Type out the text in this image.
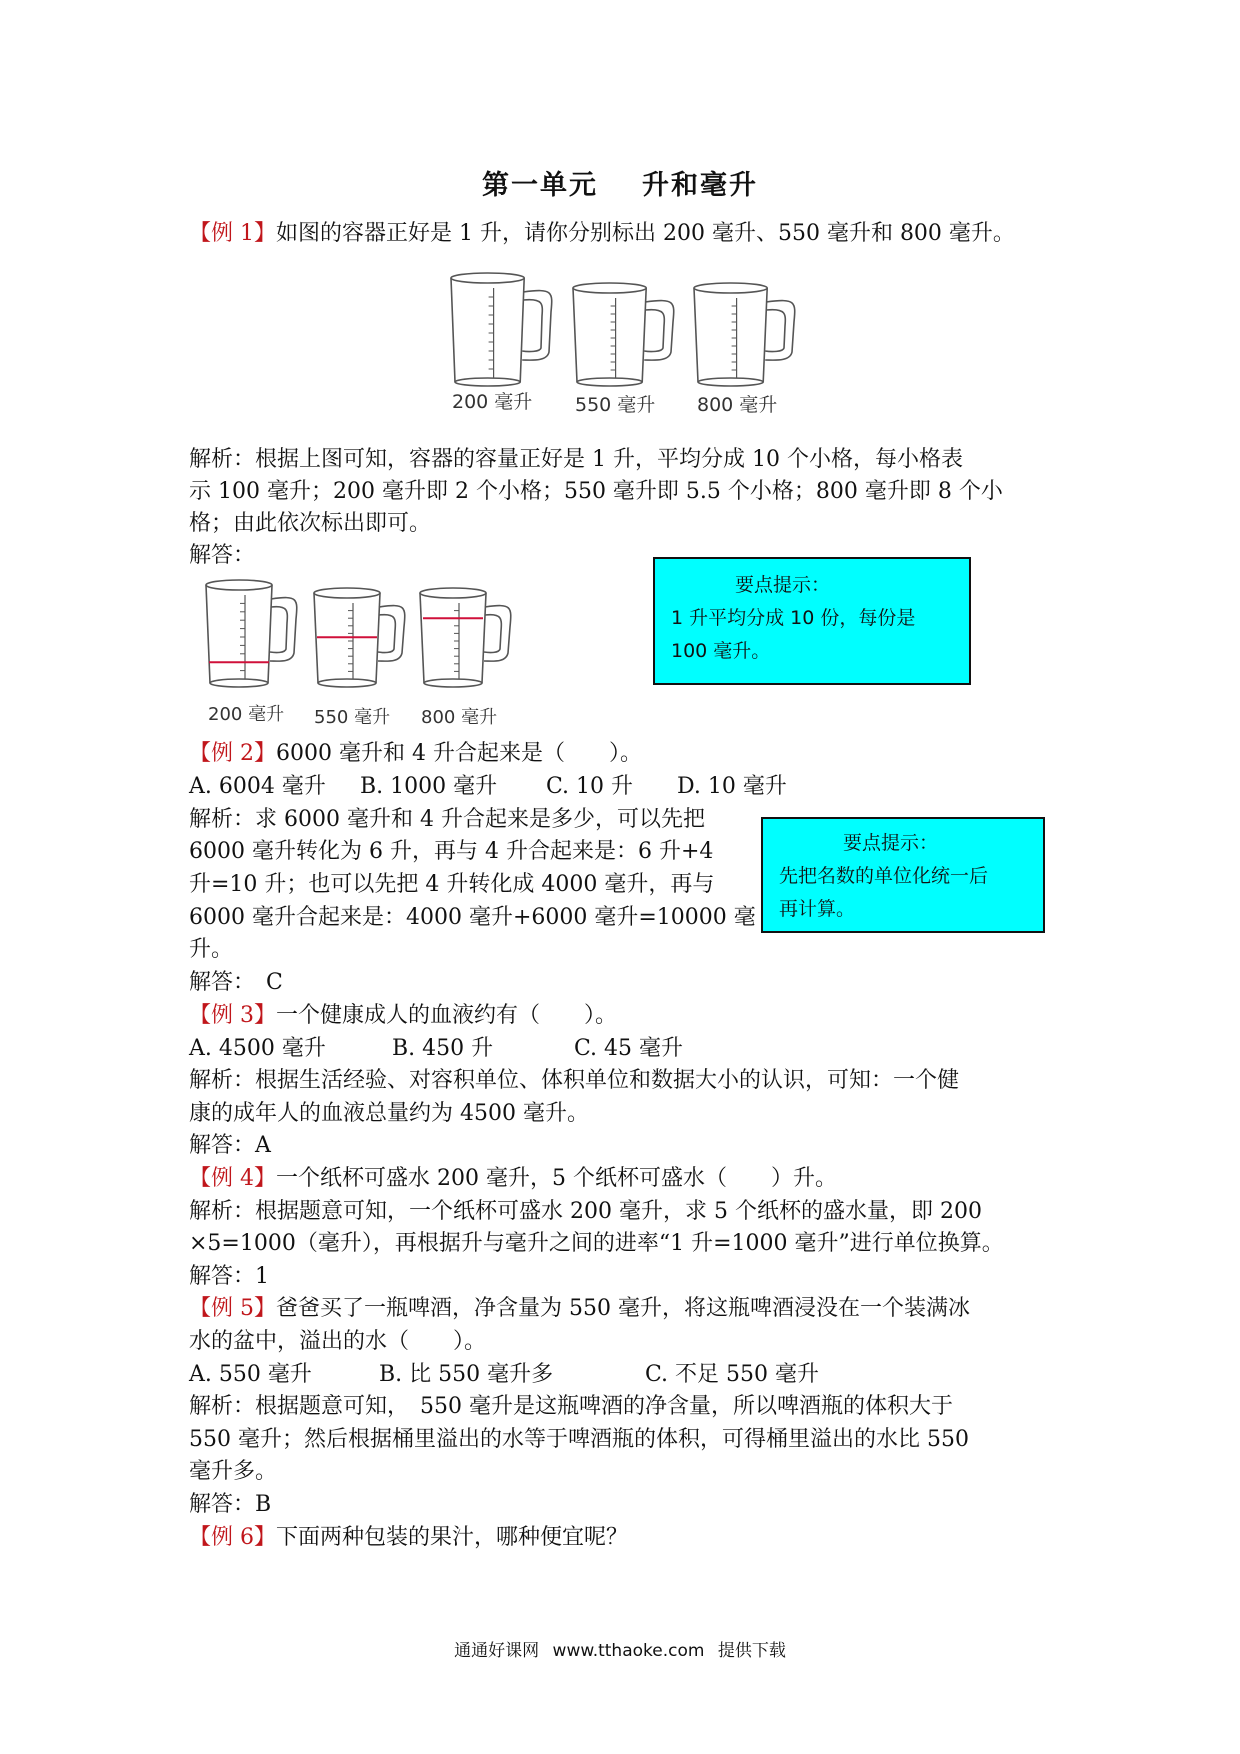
第一单元 升和毫升
【例 1】如图的容器正好是 1 升，请你分别标出 200 毫升、550 毫升和 800 毫升。
200 毫升 550 毫升 800 毫升
解析：根据上图可知，容器的容量正好是 1 升，平均分成 10 个小格，每小格表
示 100 毫升；200 毫升即 2 个小格；550 毫升即 5.5 个小格；800 毫升即 8 个小
格；由此依次标出即可。
解答：
200 毫升 550 毫升 800 毫升
要点提示：
1 升平均分成 10 份，每份是
100 毫升。
【例 2】6000 毫升和 4 升合起来是（　　）。
A. 6004 毫升 B. 1000 毫升 C. 10 升 D. 10 毫升
解析：求 6000 毫升和 4 升合起来是多少，可以先把
6000 毫升转化为 6 升，再与 4 升合起来是：6 升+4
升=10 升；也可以先把 4 升转化成 4000 毫升，再与
6000 毫升合起来是：4000 毫升+6000 毫升=10000 毫
升。
解答：　C
要点提示：
先把名数的单位化统一后
再计算。
【例 3】一个健康成人的血液约有（　　）。
A. 4500 毫升	B. 450 升	C. 45 毫升
解析：根据生活经验、对容积单位、体积单位和数据大小的认识，可知：一个健
康的成年人的血液总量约为 4500 毫升。
解答：A
【例 4】一个纸杯可盛水 200 毫升，5 个纸杯可盛水（　　）升。
解析：根据题意可知，一个纸杯可盛水 200 毫升，求 5 个纸杯的盛水量，即 200
×5=1000（毫升），再根据升与毫升之间的进率“1 升=1000 毫升”进行单位换算。
解答：1
【例 5】爸爸买了一瓶啤酒，净含量为 550 毫升，将这瓶啤酒浸没在一个装满冰
水的盆中，溢出的水（　　）。
A. 550 毫升	B. 比 550 毫升多	C. 不足 550 毫升
解析：根据题意可知，　550 毫升是这瓶啤酒的净含量，所以啤酒瓶的体积大于
550 毫升；然后根据桶里溢出的水等于啤酒瓶的体积，可得桶里溢出的水比 550
毫升多。
解答：B
【例 6】下面两种包装的果汁，哪种便宜呢？
通通好课网 www.tthaoke.com 提供下载
